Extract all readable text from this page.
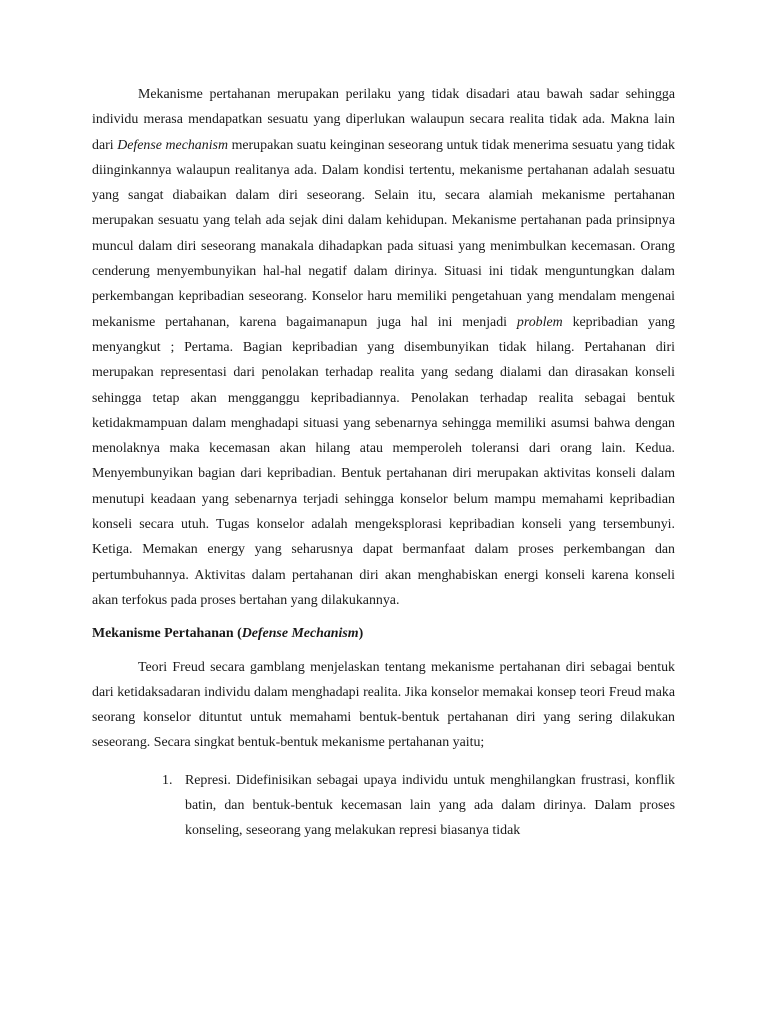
Mekanisme pertahanan merupakan perilaku yang tidak disadari atau bawah sadar sehingga individu merasa mendapatkan sesuatu yang diperlukan walaupun secara realita tidak ada. Makna lain dari Defense mechanism merupakan suatu keinginan seseorang untuk tidak menerima sesuatu yang tidak diinginkannya walaupun realitanya ada. Dalam kondisi tertentu, mekanisme pertahanan adalah sesuatu yang sangat diabaikan dalam diri seseorang. Selain itu, secara alamiah mekanisme pertahanan merupakan sesuatu yang telah ada sejak dini dalam kehidupan. Mekanisme pertahanan pada prinsipnya muncul dalam diri seseorang manakala dihadapkan pada situasi yang menimbulkan kecemasan. Orang cenderung menyembunyikan hal-hal negatif dalam dirinya. Situasi ini tidak menguntungkan dalam perkembangan kepribadian seseorang. Konselor haru memiliki pengetahuan yang mendalam mengenai mekanisme pertahanan, karena bagaimanapun juga hal ini menjadi problem kepribadian yang menyangkut ; Pertama. Bagian kepribadian yang disembunyikan tidak hilang. Pertahanan diri merupakan representasi dari penolakan terhadap realita yang sedang dialami dan dirasakan konseli sehingga tetap akan mengganggu kepribadiannya. Penolakan terhadap realita sebagai bentuk ketidakmampuan dalam menghadapi situasi yang sebenarnya sehingga memiliki asumsi bahwa dengan menolaknya maka kecemasan akan hilang atau memperoleh toleransi dari orang lain. Kedua. Menyembunyikan bagian dari kepribadian. Bentuk pertahanan diri merupakan aktivitas konseli dalam menutupi keadaan yang sebenarnya terjadi sehingga konselor belum mampu memahami kepribadian konseli secara utuh. Tugas konselor adalah mengeksplorasi kepribadian konseli yang tersembunyi. Ketiga. Memakan energy yang seharusnya dapat bermanfaat dalam proses perkembangan dan pertumbuhannya. Aktivitas dalam pertahanan diri akan menghabiskan energi konseli karena konseli akan terfokus pada proses bertahan yang dilakukannya.

Mekanisme Pertahanan (Defense Mechanism)

Teori Freud secara gamblang menjelaskan tentang mekanisme pertahanan diri sebagai bentuk dari ketidaksadaran individu dalam menghadapi realita. Jika konselor memakai konsep teori Freud maka seorang konselor dituntut untuk memahami bentuk-bentuk pertahanan diri yang sering dilakukan seseorang. Secara singkat bentuk-bentuk mekanisme pertahanan yaitu;

1. Represi. Didefinisikan sebagai upaya individu untuk menghilangkan frustrasi, konflik batin, dan bentuk-bentuk kecemasan lain yang ada dalam dirinya. Dalam proses konseling, seseorang yang melakukan represi biasanya tidak
